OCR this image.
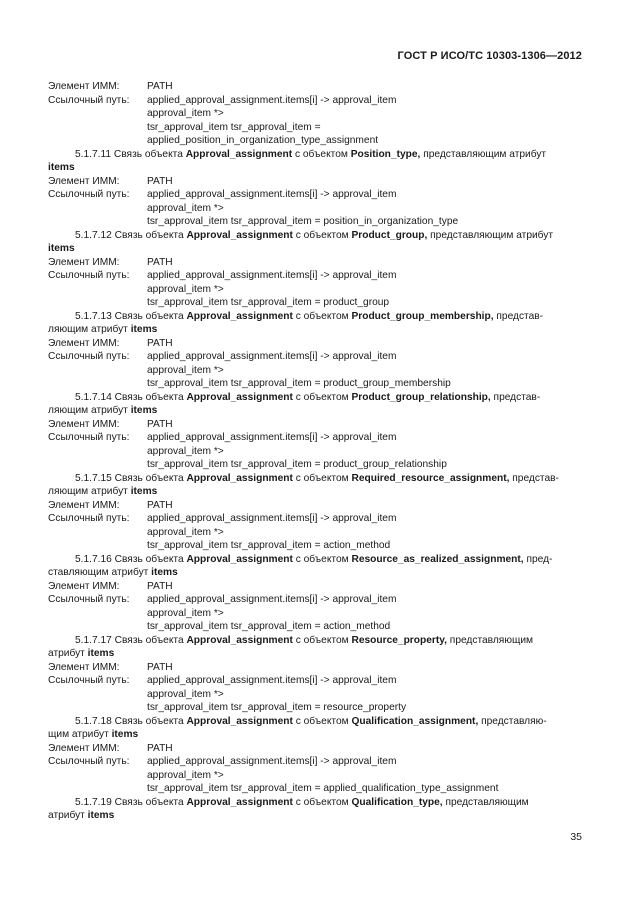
ГОСТ Р ИСО/ТС 10303-1306—2012
Элемент ИММ:	PATH
Ссылочный путь:	applied_approval_assignment.items[i] -> approval_item
approval_item *>
tsr_approval_item tsr_approval_item =
applied_position_in_organization_type_assignment
5.1.7.11 Связь объекта Approval_assignment с объектом Position_type, представляющим атрибут
items
Элемент ИММ:	PATH
Ссылочный путь:	applied_approval_assignment.items[i] -> approval_item
approval_item *>
tsr_approval_item tsr_approval_item = position_in_organization_type
5.1.7.12 Связь объекта Approval_assignment с объектом Product_group, представляющим атрибут
items
Элемент ИММ:	PATH
Ссылочный путь:	applied_approval_assignment.items[i] -> approval_item
approval_item *>
tsr_approval_item tsr_approval_item = product_group
5.1.7.13 Связь объекта Approval_assignment с объектом Product_group_membership, представ-
ляющим атрибут items
Элемент ИММ:	PATH
Ссылочный путь:	applied_approval_assignment.items[i] -> approval_item
approval_item *>
tsr_approval_item tsr_approval_item = product_group_membership
5.1.7.14 Связь объекта Approval_assignment с объектом Product_group_relationship, представ-
ляющим атрибут items
Элемент ИММ:	PATH
Ссылочный путь:	applied_approval_assignment.items[i] -> approval_item
approval_item *>
tsr_approval_item tsr_approval_item = product_group_relationship
5.1.7.15 Связь объекта Approval_assignment с объектом Required_resource_assignment, представ-
ляющим атрибут items
Элемент ИММ:	PATH
Ссылочный путь:	applied_approval_assignment.items[i] -> approval_item
approval_item *>
tsr_approval_item tsr_approval_item = action_method
5.1.7.16 Связь объекта Approval_assignment с объектом Resource_as_realized_assignment, пред-
ставляющим атрибут items
Элемент ИММ:	PATH
Ссылочный путь:	applied_approval_assignment.items[i] -> approval_item
approval_item *>
tsr_approval_item tsr_approval_item = action_method
5.1.7.17 Связь объекта Approval_assignment с объектом Resource_property, представляющим
атрибут items
Элемент ИММ:	PATH
Ссылочный путь:	applied_approval_assignment.items[i] -> approval_item
approval_item *>
tsr_approval_item tsr_approval_item = resource_property
5.1.7.18 Связь объекта Approval_assignment с объектом Qualification_assignment, представляю-
щим атрибут items
Элемент ИММ:	PATH
Ссылочный путь:	applied_approval_assignment.items[i] -> approval_item
approval_item *>
tsr_approval_item tsr_approval_item = applied_qualification_type_assignment
5.1.7.19 Связь объекта Approval_assignment с объектом Qualification_type, представляющим
атрибут items
35
